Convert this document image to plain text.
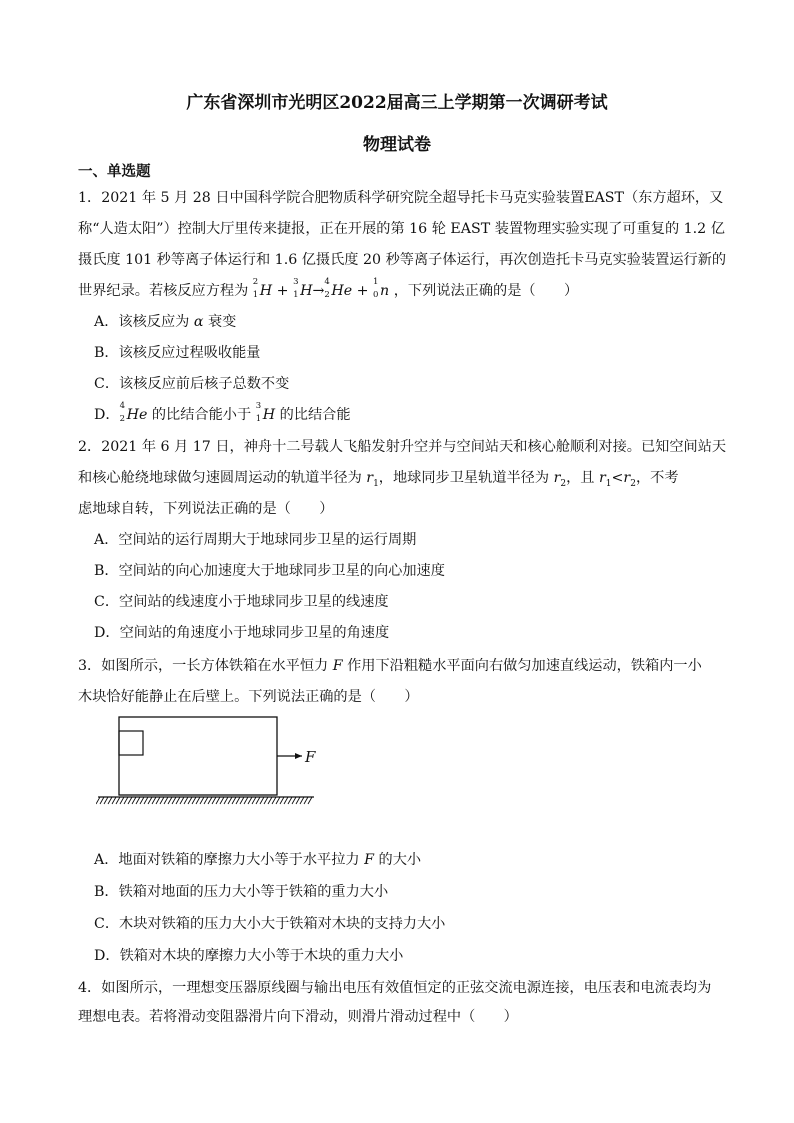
广东省深圳市光明区2022届高三上学期第一次调研考试
物理试卷
一、单选题
1．2021 年 5 月 28 日中国科学院合肥物质科学研究院全超导托卡马克实验装置EAST（东方超环，又
称“人造太阳”）控制大厅里传来捷报，正在开展的第 16 轮 EAST 装置物理实验实现了可重复的 1.2 亿
摄氏度 101 秒等离子体运行和 1.6 亿摄氏度 20 秒等离子体运行，再次创造托卡马克实验装置运行新的
世界纪录。若核反应方程为
2
1 H +
3
1 H→
4
2 He +
1
0 n ，下列说法正确的是（　　）
A．该核反应为 α 衰变
B．该核反应过程吸收能量
C．该核反应前后核子总数不变
D．
4
2 He 的比结合能小于
3
1 H 的比结合能
2．2021 年 6 月 17 日，神舟十二号载人飞船发射升空并与空间站天和核心舱顺利对接。已知空间站天
和核心舱绕地球做匀速圆周运动的轨道半径为 $r_1$，地球同步卫星轨道半径为 $r_2$，且 $r_1<r_2$，不考
虑地球自转，下列说法正确的是（　　）
A．空间站的运行周期大于地球同步卫星的运行周期
B．空间站的向心加速度大于地球同步卫星的向心加速度
C．空间站的线速度小于地球同步卫星的线速度
D．空间站的角速度小于地球同步卫星的角速度
3．如图所示，一长方体铁箱在水平恒力 F 作用下沿粗糙水平面向右做匀加速直线运动，铁箱内一小
木块恰好能静止在后壁上。下列说法正确的是（　　）
F
A．地面对铁箱的摩擦力大小等于水平拉力 F 的大小
B．铁箱对地面的压力大小等于铁箱的重力大小
C．木块对铁箱的压力大小大于铁箱对木块的支持力大小
D．铁箱对木块的摩擦力大小等于木块的重力大小
4．如图所示，一理想变压器原线圈与输出电压有效值恒定的正弦交流电源连接，电压表和电流表均为
理想电表。若将滑动变阻器滑片向下滑动，则滑片滑动过程中（　　）
